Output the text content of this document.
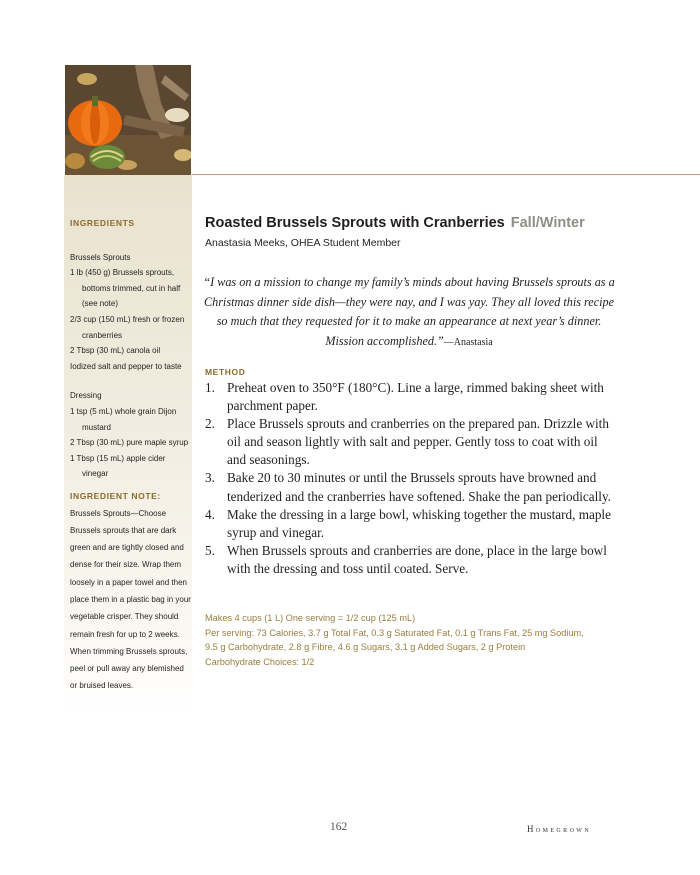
INGREDIENTS
Brussels Sprouts
1 lb (450 g) Brussels sprouts, bottoms trimmed, cut in half (see note)
2/3 cup (150 mL) fresh or frozen cranberries
2 Tbsp (30 mL) canola oil
Iodized salt and pepper to taste
Dressing
1 tsp (5 mL) whole grain Dijon mustard
2 Tbsp (30 mL) pure maple syrup
1 Tbsp (15 mL) apple cider vinegar
INGREDIENT NOTE:
Brussels Sprouts—Choose Brussels sprouts that are dark green and are tightly closed and dense for their size. Wrap them loosely in a paper towel and then place them in a plastic bag in your vegetable crisper. They should remain fresh for up to 2 weeks. When trimming Brussels sprouts, peel or pull away any blemished or bruised leaves.
Roasted Brussels Sprouts with Cranberries Fall/Winter
Anastasia Meeks, OHEA Student Member
“I was on a mission to change my family’s minds about having Brussels sprouts as a Christmas dinner side dish—they were nay, and I was yay. They all loved this recipe so much that they requested for it to make an appearance at next year’s dinner. Mission accomplished.”—Anastasia
METHOD
1. Preheat oven to 350°F (180°C). Line a large, rimmed baking sheet with parchment paper.
2. Place Brussels sprouts and cranberries on the prepared pan. Drizzle with oil and season lightly with salt and pepper. Gently toss to coat with oil and seasonings.
3. Bake 20 to 30 minutes or until the Brussels sprouts have browned and tenderized and the cranberries have softened. Shake the pan periodically.
4. Make the dressing in a large bowl, whisking together the mustard, maple syrup and vinegar.
5. When Brussels sprouts and cranberries are done, place in the large bowl with the dressing and toss until coated. Serve.
Makes 4 cups (1 L) One serving = 1/2 cup (125 mL)
Per serving: 73 Calories, 3.7 g Total Fat, 0.3 g Saturated Fat, 0.1 g Trans Fat, 25 mg Sodium,
9.5 g Carbohydrate, 2.8 g Fibre, 4.6 g Sugars, 3.1 g Added Sugars, 2 g Protein
Carbohydrate Choices: 1/2
162	Homegrown
